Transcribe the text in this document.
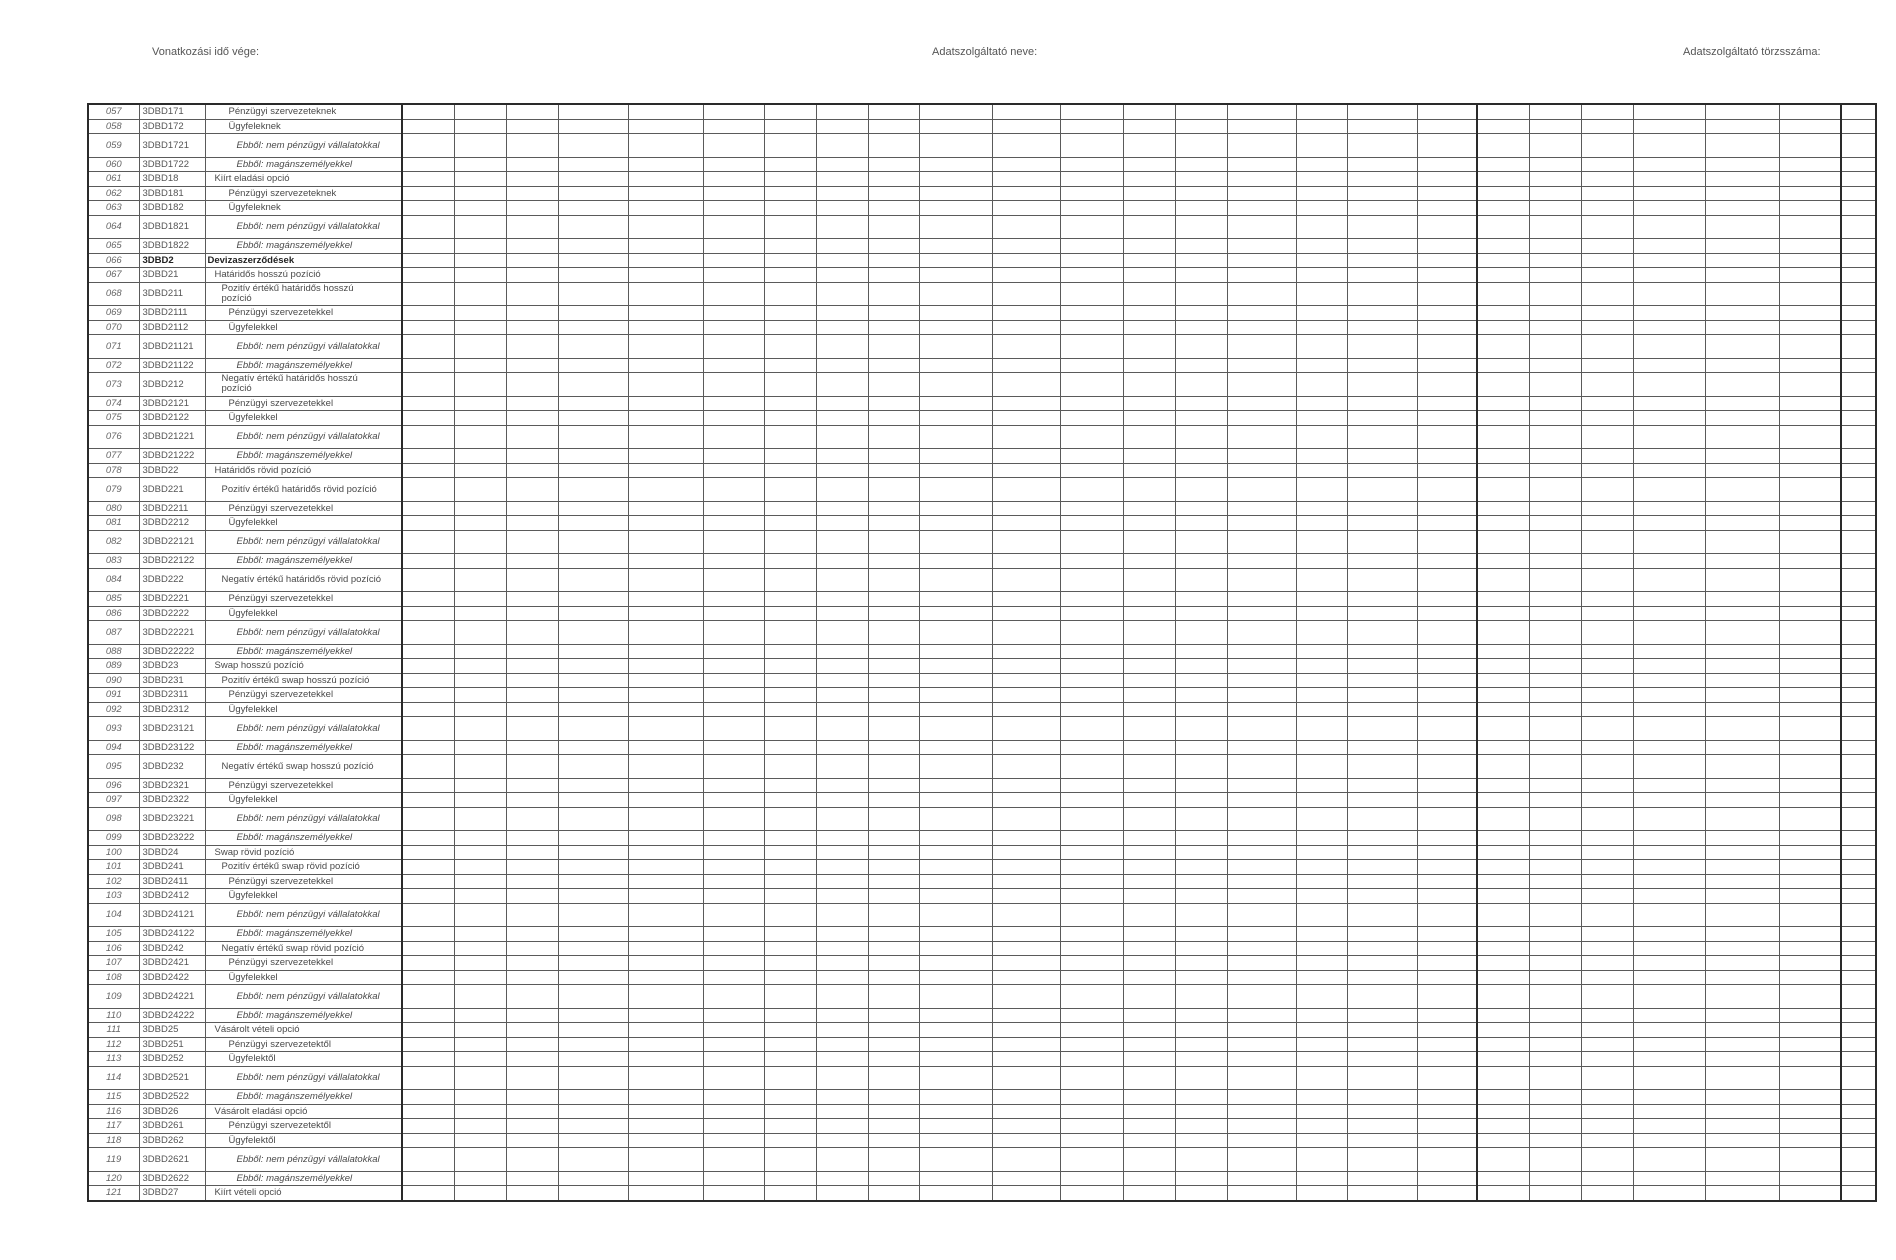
Vonatkozási idő vége:	Adatszolgáltató neve:	Adatszolgáltató törzsszáma:
057	3DBD171	Pénzügyi szervezeteknek																									
058	3DBD172	Ügyfeleknek																									
059	3DBD1721	Ebből: nem pénzügyi vállalatokkal																									
060	3DBD1722	Ebből: magánszemélyekkel																									
061	3DBD18	Kiírt eladási opció																									
062	3DBD181	Pénzügyi szervezeteknek																									
063	3DBD182	Ügyfeleknek																									
064	3DBD1821	Ebből: nem pénzügyi vállalatokkal																									
065	3DBD1822	Ebből: magánszemélyekkel																									
066	3DBD2	Devizaszerződések																									
067	3DBD21	Határidős hosszú pozíció																									
068	3DBD211	Pozitív értékű határidős hosszú pozíció																									
069	3DBD2111	Pénzügyi szervezetekkel																									
070	3DBD2112	Ügyfelekkel																									
071	3DBD21121	Ebből: nem pénzügyi vállalatokkal																									
072	3DBD21122	Ebből: magánszemélyekkel																									
073	3DBD212	Negatív értékű határidős hosszú pozíció																									
074	3DBD2121	Pénzügyi szervezetekkel																									
075	3DBD2122	Ügyfelekkel																									
076	3DBD21221	Ebből: nem pénzügyi vállalatokkal																									
077	3DBD21222	Ebből: magánszemélyekkel																									
078	3DBD22	Határidős rövid pozíció																									
079	3DBD221	Pozitív értékű határidős rövid pozíció																									
080	3DBD2211	Pénzügyi szervezetekkel																									
081	3DBD2212	Ügyfelekkel																									
082	3DBD22121	Ebből: nem pénzügyi vállalatokkal																									
083	3DBD22122	Ebből: magánszemélyekkel																									
084	3DBD222	Negatív értékű határidős rövid pozíció																									
085	3DBD2221	Pénzügyi szervezetekkel																									
086	3DBD2222	Ügyfelekkel																									
087	3DBD22221	Ebből: nem pénzügyi vállalatokkal																									
088	3DBD22222	Ebből: magánszemélyekkel																									
089	3DBD23	Swap hosszú pozíció																									
090	3DBD231	Pozitív értékű swap hosszú pozíció																									
091	3DBD2311	Pénzügyi szervezetekkel																									
092	3DBD2312	Ügyfelekkel																									
093	3DBD23121	Ebből: nem pénzügyi vállalatokkal																									
094	3DBD23122	Ebből: magánszemélyekkel																									
095	3DBD232	Negatív értékű swap hosszú pozíció																									
096	3DBD2321	Pénzügyi szervezetekkel																									
097	3DBD2322	Ügyfelekkel																									
098	3DBD23221	Ebből: nem pénzügyi vállalatokkal																									
099	3DBD23222	Ebből: magánszemélyekkel																									
100	3DBD24	Swap rövid pozíció																									
101	3DBD241	Pozitív értékű swap rövid pozíció																									
102	3DBD2411	Pénzügyi szervezetekkel																									
103	3DBD2412	Ügyfelekkel																									
104	3DBD24121	Ebből: nem pénzügyi vállalatokkal																									
105	3DBD24122	Ebből: magánszemélyekkel																									
106	3DBD242	Negatív értékű swap rövid pozíció																									
107	3DBD2421	Pénzügyi szervezetekkel																									
108	3DBD2422	Ügyfelekkel																									
109	3DBD24221	Ebből: nem pénzügyi vállalatokkal																									
110	3DBD24222	Ebből: magánszemélyekkel																									
111	3DBD25	Vásárolt vételi opció																									
112	3DBD251	Pénzügyi szervezetektől																									
113	3DBD252	Ügyfelektől																									
114	3DBD2521	Ebből: nem pénzügyi vállalatokkal																									
115	3DBD2522	Ebből: magánszemélyekkel																									
116	3DBD26	Vásárolt eladási opció																									
117	3DBD261	Pénzügyi szervezetektől																									
118	3DBD262	Ügyfelektől																									
119	3DBD2621	Ebből: nem pénzügyi vállalatokkal																									
120	3DBD2622	Ebből: magánszemélyekkel																									
121	3DBD27	Kiírt vételi opció																									
